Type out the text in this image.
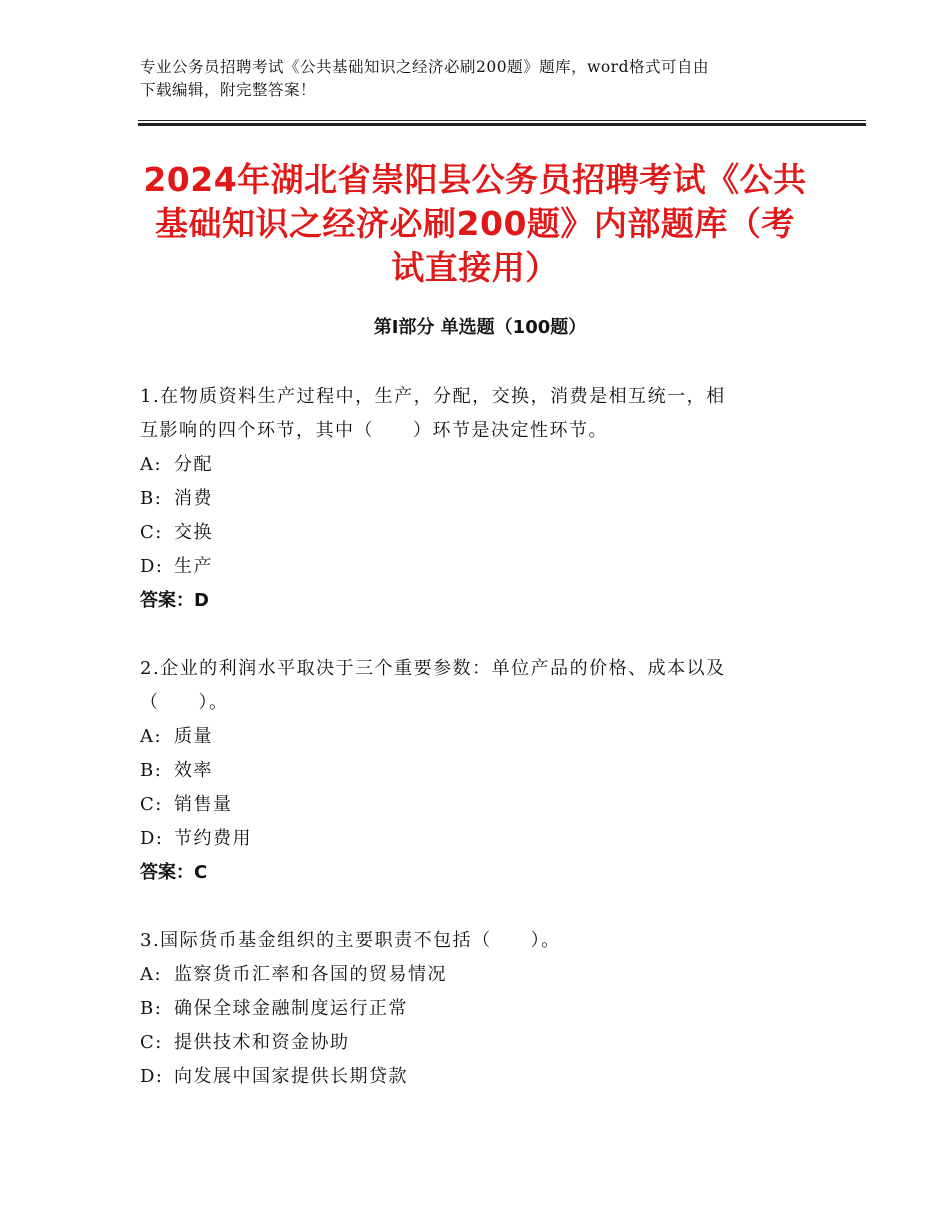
专业公务员招聘考试《公共基础知识之经济必刷200题》题库，word格式可自由
下载编辑，附完整答案！
2024年湖北省崇阳县公务员招聘考试《公共
基础知识之经济必刷200题》内部题库（考
试直接用）
第Ⅰ部分 单选题（100题）

1.在物质资料生产过程中，生产，分配，交换，消费是相互统一，相
互影响的四个环节，其中（　　）环节是决定性环节。

A: 分配

B: 消费

C: 交换

D: 生产

答案：D

2.企业的利润水平取决于三个重要参数：单位产品的价格、成本以及
（　　）。

A: 质量

B: 效率

C: 销售量

D: 节约费用

答案：C

3.国际货币基金组织的主要职责不包括（　　）。

A: 监察货币汇率和各国的贸易情况

B: 确保全球金融制度运行正常

C: 提供技术和资金协助

D: 向发展中国家提供长期贷款
